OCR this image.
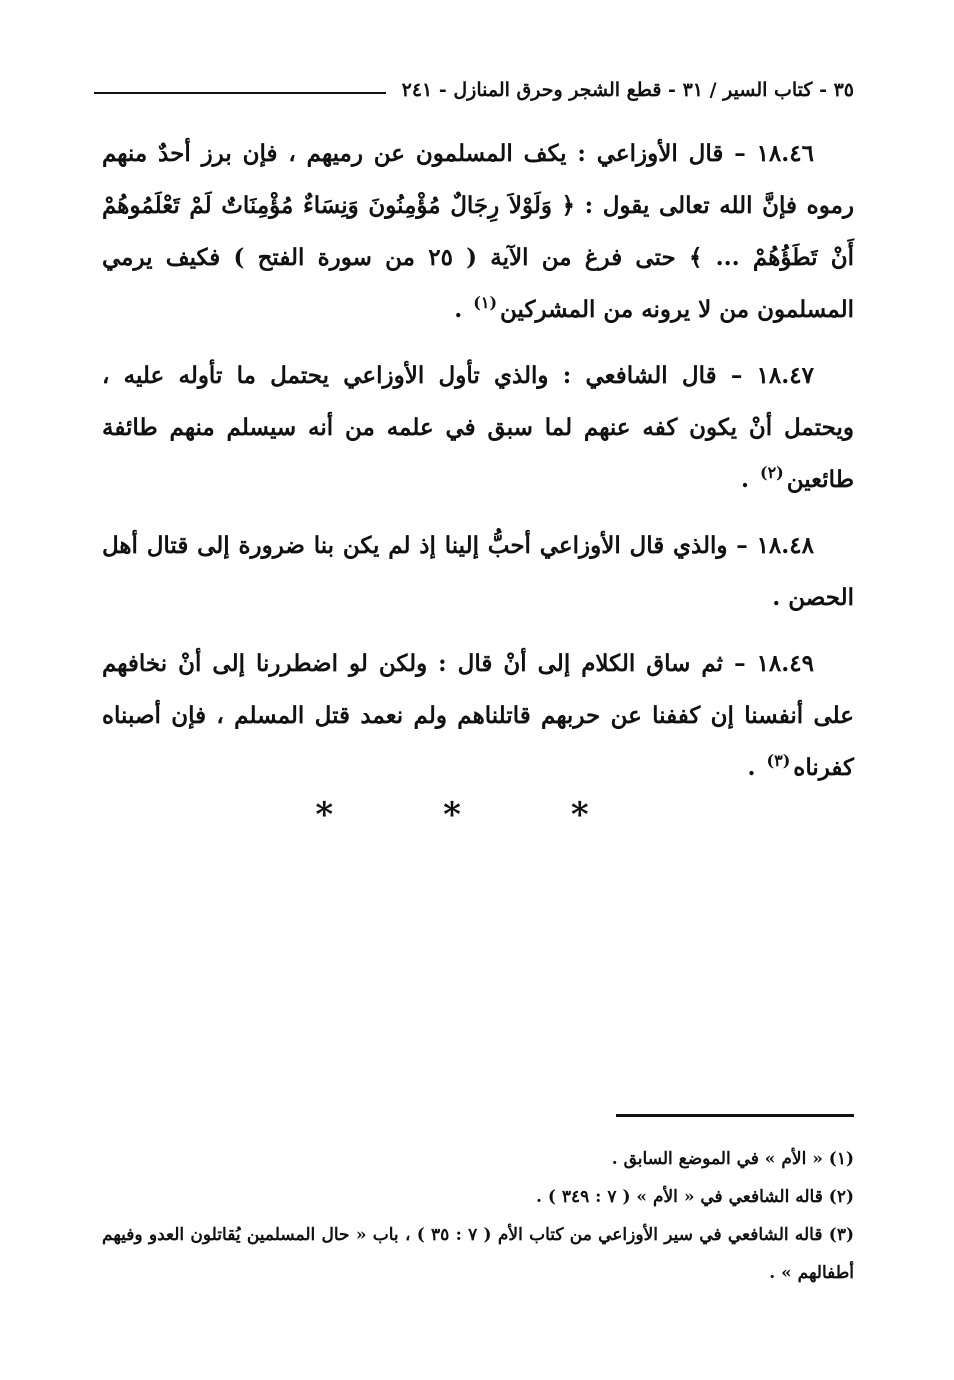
٣٥ - كتاب السير / ٣١ - قطع الشجر وحرق المنازل - ٢٤١

١٨.٤٦ – قال الأوزاعي : يكف المسلمون عن رميهم ، فإن برز أحدٌ منهم رموه فإنَّ الله تعالى يقول : ﴿ وَلَوْلاَ رِجَالٌ مُؤْمِنُونَ وَنِسَاءٌ مُؤْمِنَاتٌ لَمْ تَعْلَمُوهُمْ أَنْ تَطَؤُهُمْ ... ﴾ حتى فرغ من الآية ( ٢٥ من سورة الفتح ) فكيف يرمي المسلمون من لا يرونه من المشركين$^{(١)}$ .

١٨.٤٧ – قال الشافعي : والذي تأول الأوزاعي يحتمل ما تأوله عليه ، ويحتمل أنْ يكون كفه عنهم لما سبق في علمه من أنه سيسلم منهم طائفة طائعين$^{(٢)}$ .

١٨.٤٨ – والذي قال الأوزاعي أحبُّ إلينا إذ لم يكن بنا ضرورة إلى قتال أهل الحصن .

١٨.٤٩ – ثم ساق الكلام إلى أنْ قال : ولكن لو اضطررنا إلى أنْ نخافهم على أنفسنا إن كففنا عن حربهم قاتلناهم ولم نعمد قتل المسلم ، فإن أصبناه كفرناه$^{(٣)}$ .

* * *

(١) « الأم » في الموضع السابق .

(٢) قاله الشافعي في « الأم » ( ٧ : ٣٤٩ ) .

(٣) قاله الشافعي في سير الأوزاعي من كتاب الأم ( ٧ : ٣٥ ) ، باب « حال المسلمين يُقاتلون العدو وفيهم أطفالهم » .
